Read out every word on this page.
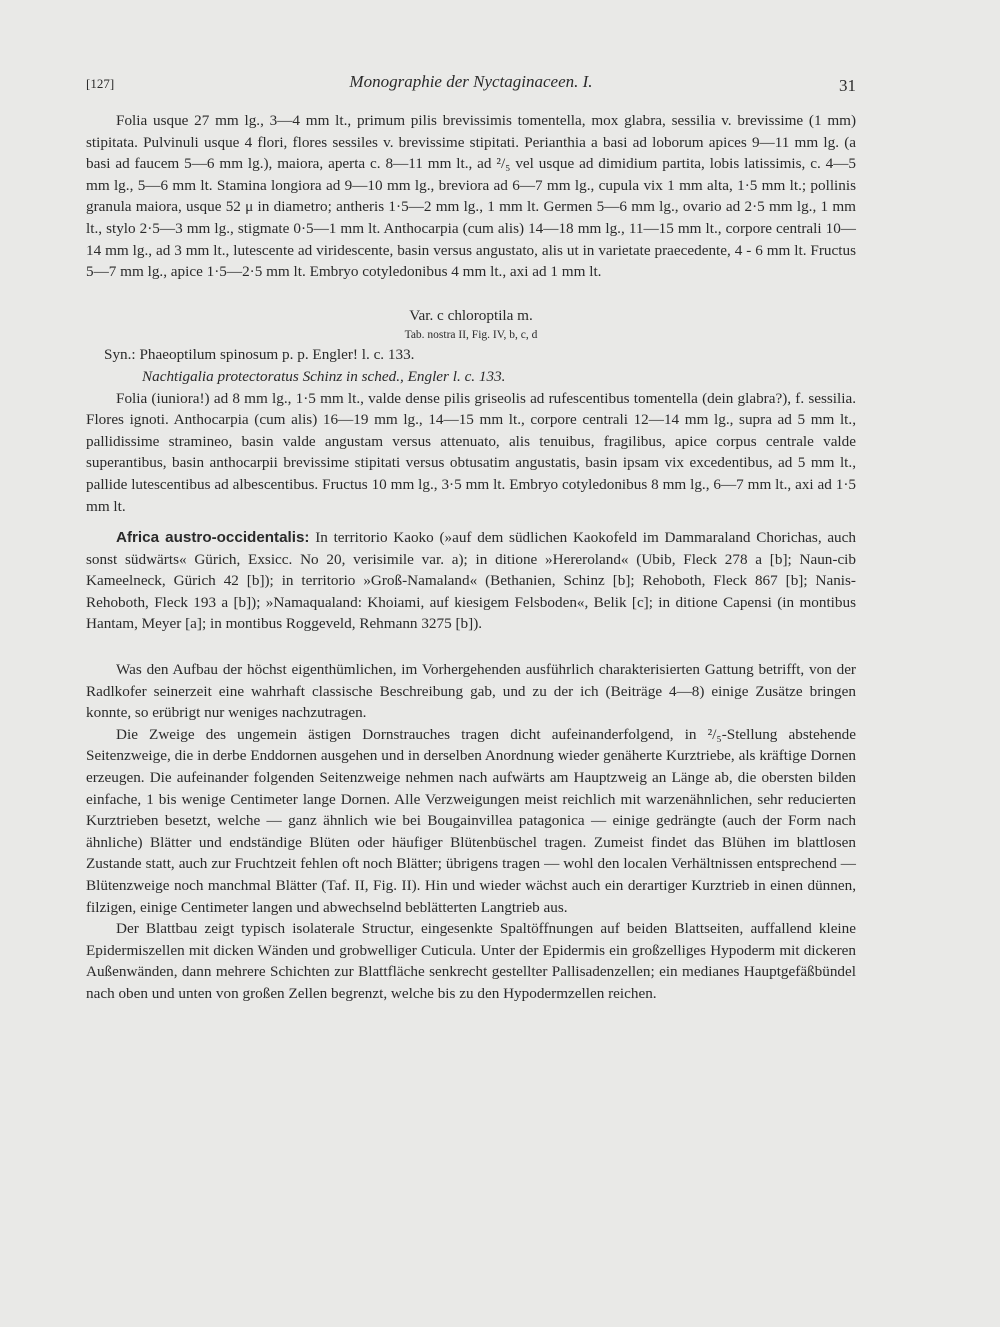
[127]	Monographie der Nyctaginaceen. I.	31

Folia usque 27 mm lg., 3—4 mm lt., primum pilis brevissimis tomentella, mox glabra, sessilia v. brevissime (1 mm) stipitata. Pulvinuli usque 4 flori, flores sessiles v. brevissime stipitati. Perianthia a basi ad loborum apices 9—11 mm lg. (a basi ad faucem 5—6 mm lg.), maiora, aperta c. 8—11 mm lt., ad ²/₅ vel usque ad dimidium partita, lobis latissimis, c. 4—5 mm lg., 5—6 mm lt. Stamina longiora ad 9—10 mm lg., breviora ad 6—7 mm lg., cupula vix 1 mm alta, 1·5 mm lt.; pollinis granula maiora, usque 52 μ in diametro; antheris 1·5—2 mm lg., 1 mm lt. Germen 5—6 mm lg., ovario ad 2·5 mm lg., 1 mm lt., stylo 2·5—3 mm lg., stigmate 0·5—1 mm lt. Anthocarpia (cum alis) 14—18 mm lg., 11—15 mm lt., corpore centrali 10—14 mm lg., ad 3 mm lt., lutescente ad viridescente, basin versus angustato, alis ut in varietate praecedente, 4 - 6 mm lt. Fructus 5—7 mm lg., apice 1·5—2·5 mm lt. Embryo cotyledonibus 4 mm lt., axi ad 1 mm lt.

Var. c chloroptila m.
Tab. nostra II, Fig. IV, b, c, d
Syn.: Phaeoptilum spinosum p. p. Engler! l. c. 133.
Nachtigalia protectoratus Schinz in sched., Engler l. c. 133.

Folia (iuniora!) ad 8 mm lg., 1·5 mm lt., valde dense pilis griseolis ad rufescentibus tomentella (dein glabra?), f. sessilia. Flores ignoti. Anthocarpia (cum alis) 16—19 mm lg., 14—15 mm lt., corpore centrali 12—14 mm lg., supra ad 5 mm lt., pallidissime stramineo, basin valde angustam versus attenuato, alis tenuibus, fragilibus, apice corpus centrale valde superantibus, basin anthocarpii brevissime stipitati versus obtusatim angustatis, basin ipsam vix excedentibus, ad 5 mm lt., pallide lutescentibus ad albescentibus. Fructus 10 mm lg., 3·5 mm lt. Embryo cotyledonibus 8 mm lg., 6—7 mm lt., axi ad 1·5 mm lt.

Africa austro-occidentalis: In territorio Kaoko (»auf dem südlichen Kaokofeld im Dammaraland Chorichas, auch sonst südwärts« Gürich, Exsicc. No 20, verisimile var. a); in ditione »Hereroland« (Ubib, Fleck 278 a [b]; Naun-cib Kameelneck, Gürich 42 [b]); in territorio »Groß-Namaland« (Bethanien, Schinz [b]; Rehoboth, Fleck 867 [b]; Nanis-Rehoboth, Fleck 193 a [b]); »Namaqualand: Khoiami, auf kiesigem Felsboden«, Belik [c]; in ditione Capensi (in montibus Hantam, Meyer [a]; in montibus Roggeveld, Rehmann 3275 [b]).

Was den Aufbau der höchst eigenthümlichen, im Vorhergehenden ausführlich charakterisierten Gattung betrifft, von der Radlkofer seinerzeit eine wahrhaft classische Beschreibung gab, und zu der ich (Beiträge 4—8) einige Zusätze bringen konnte, so erübrigt nur weniges nachzutragen.

Die Zweige des ungemein ästigen Dornstrauches tragen dicht aufeinanderfolgend, in ²/₅-Stellung abstehende Seitenzweige, die in derbe Enddornen ausgehen und in derselben Anordnung wieder genäherte Kurztriebe, als kräftige Dornen erzeugen. Die aufeinander folgenden Seitenzweige nehmen nach aufwärts am Hauptzweig an Länge ab, die obersten bilden einfache, 1 bis wenige Centimeter lange Dornen. Alle Verzweigungen meist reichlich mit warzenähnlichen, sehr reducierten Kurztrieben besetzt, welche — ganz ähnlich wie bei Bougainvillea patagonica — einige gedrängte (auch der Form nach ähnliche) Blätter und endständige Blüten oder häufiger Blütenbüschel tragen. Zumeist findet das Blühen im blattlosen Zustande statt, auch zur Fruchtzeit fehlen oft noch Blätter; übrigens tragen — wohl den localen Verhältnissen entsprechend — Blütenzweige noch manchmal Blätter (Taf. II, Fig. II). Hin und wieder wächst auch ein derartiger Kurztrieb in einen dünnen, filzigen, einige Centimeter langen und abwechselnd beblätterten Langtrieb aus.

Der Blattbau zeigt typisch isolaterale Structur, eingesenkte Spaltöffnungen auf beiden Blattseiten, auffallend kleine Epidermiszellen mit dicken Wänden und grobwelliger Cuticula. Unter der Epidermis ein großzelliges Hypoderm mit dickeren Außenwänden, dann mehrere Schichten zur Blattfläche senkrecht gestellter Pallisadenzellen; ein medianes Hauptgefäßbündel nach oben und unten von großen Zellen begrenzt, welche bis zu den Hypodermzellen reichen.
